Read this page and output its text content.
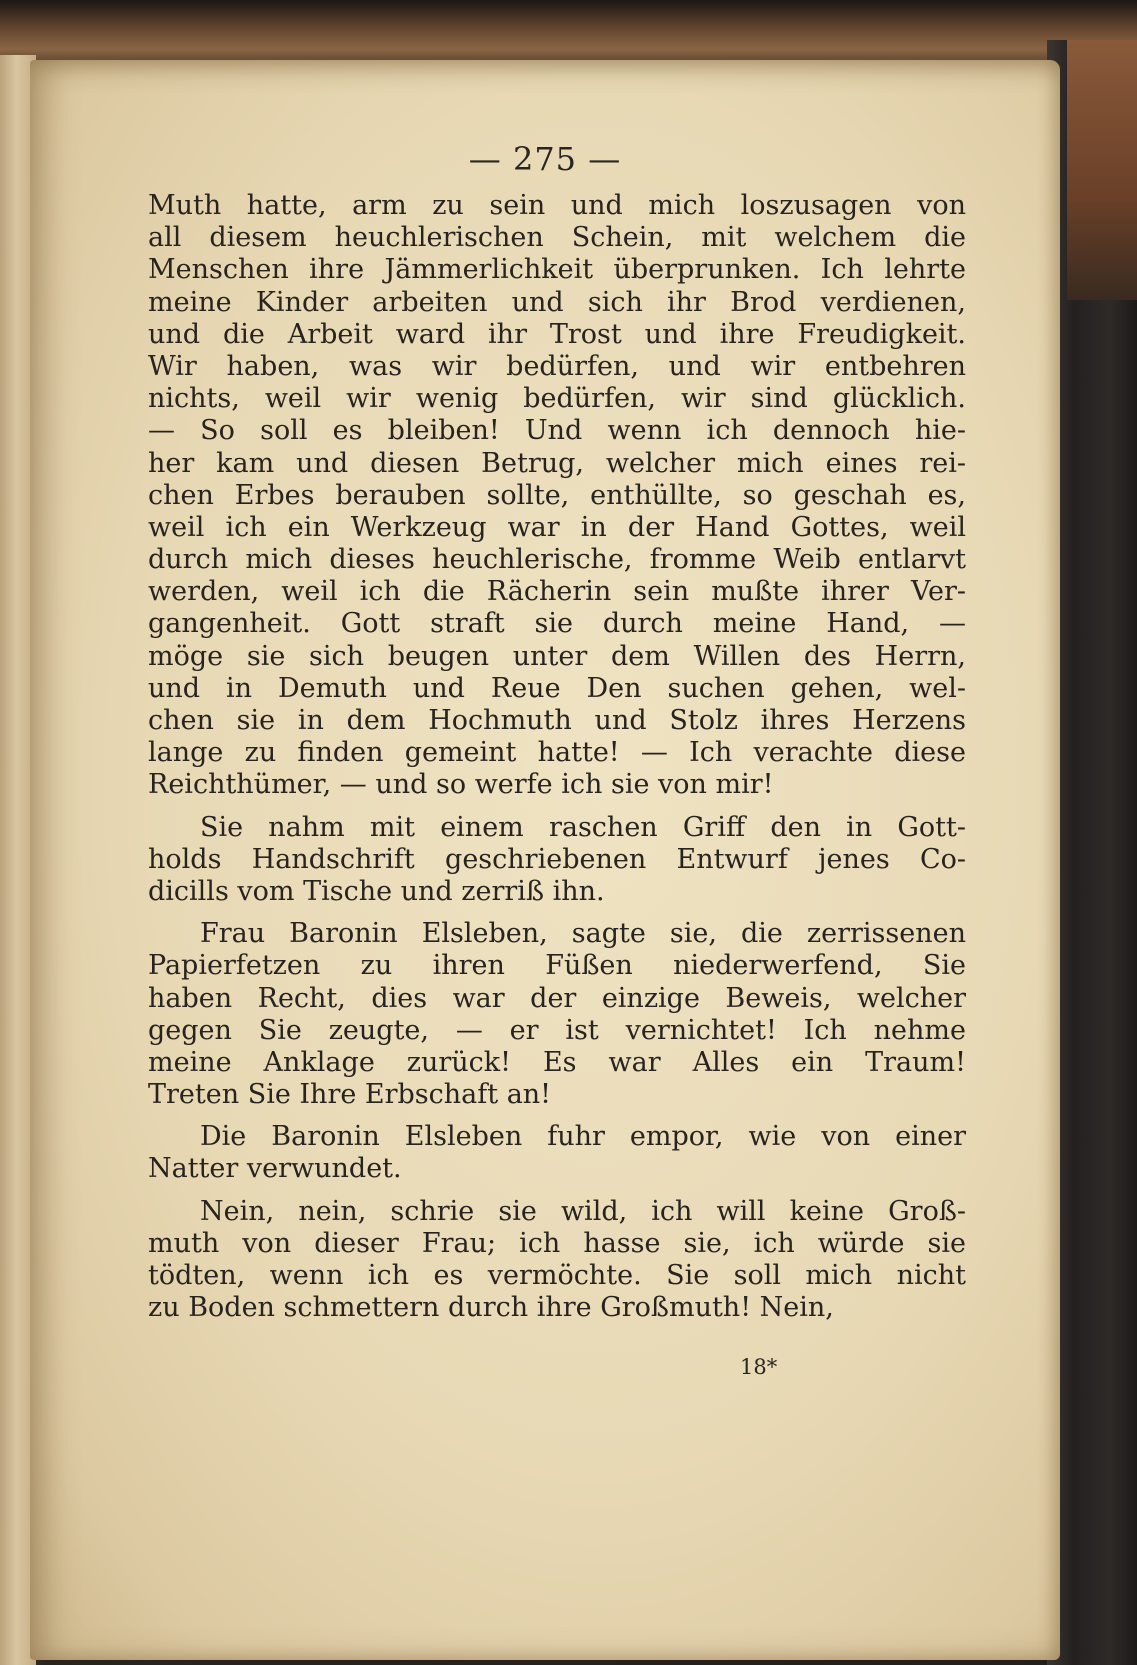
— 275 —
Muth hatte, arm zu sein und mich loszusagen von
all diesem heuchlerischen Schein, mit welchem die
Menschen ihre Jämmerlichkeit überprunken. Ich lehrte
meine Kinder arbeiten und sich ihr Brod verdienen,
und die Arbeit ward ihr Trost und ihre Freudigkeit.
Wir haben, was wir bedürfen, und wir entbehren
nichts, weil wir wenig bedürfen, wir sind glücklich.
— So soll es bleiben! Und wenn ich dennoch hie-
her kam und diesen Betrug, welcher mich eines rei-
chen Erbes berauben sollte, enthüllte, so geschah es,
weil ich ein Werkzeug war in der Hand Gottes, weil
durch mich dieses heuchlerische, fromme Weib entlarvt
werden, weil ich die Rächerin sein mußte ihrer Ver-
gangenheit. Gott straft sie durch meine Hand, —
möge sie sich beugen unter dem Willen des Herrn,
und in Demuth und Reue Den suchen gehen, wel-
chen sie in dem Hochmuth und Stolz ihres Herzens
lange zu finden gemeint hatte! — Ich verachte diese
Reichthümer, — und so werfe ich sie von mir!
Sie nahm mit einem raschen Griff den in Gott-
holds Handschrift geschriebenen Entwurf jenes Co-
dicills vom Tische und zerriß ihn.
Frau Baronin Elsleben, sagte sie, die zerrissenen
Papierfetzen zu ihren Füßen niederwerfend, Sie
haben Recht, dies war der einzige Beweis, welcher
gegen Sie zeugte, — er ist vernichtet! Ich nehme
meine Anklage zurück! Es war Alles ein Traum!
Treten Sie Ihre Erbschaft an!
Die Baronin Elsleben fuhr empor, wie von einer
Natter verwundet.
Nein, nein, schrie sie wild, ich will keine Groß-
muth von dieser Frau; ich hasse sie, ich würde sie
tödten, wenn ich es vermöchte. Sie soll mich nicht
zu Boden schmettern durch ihre Großmuth! Nein,
18*
